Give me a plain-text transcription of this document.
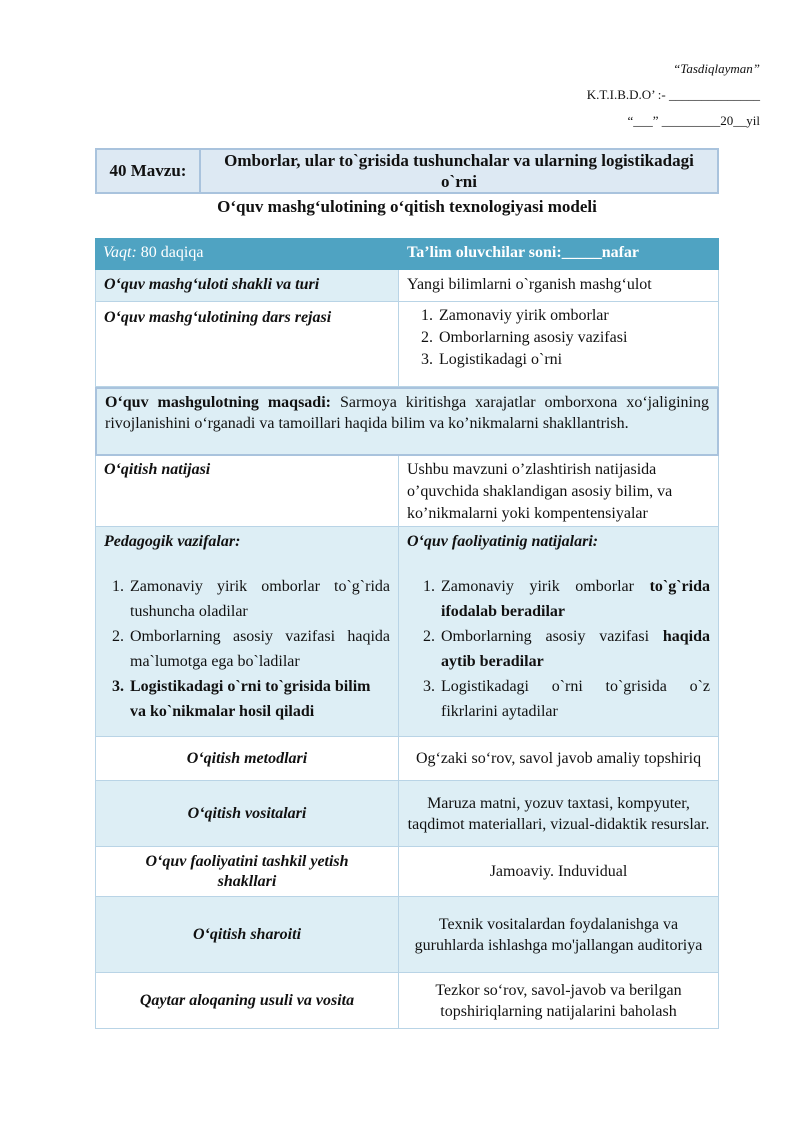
“Tasdiqlayman”
K.T.I.B.D.O’ :- ______________
“___” _________20__yil
40 Mavzu:
Omborlar, ular to`grisida tushunchalar va ularning logistikadagi o`rni
O‘quv mashg‘ulotining o‘qitish texnologiyasi modeli
Vaqt: 80 daqiqa	Ta’lim oluvchilar soni:_____nafar
O‘quv mashg‘uloti shakli va turi	Yangi bilimlarni o`rganish mashg‘ulot
O‘quv mashg‘ulotining dars rejasi
1.	Zamonaviy yirik omborlar
2. Omborlarning asosiy vazifasi
3. Logistikadagi o`rni
O‘quv mashgulotning maqsadi: Sarmoya kiritishga xarajatlar omborxona xo‘jaligining rivojlanishini o‘rganadi va tamoillari haqida bilim va ko’nikmalarni shakllantrish.
O‘qitish natijasi	Ushbu mavzuni o’zlashtirish natijasida o’quvchida shaklandigan asosiy bilim, va ko’nikmalarni yoki kompentensiyalar
Pedagogik vazifalar:
1. Zamonaviy yirik omborlar to`g`rida tushuncha oladilar
2. Omborlarning asosiy vazifasi haqida ma`lumotga ega bo`ladilar
3. Logistikadagi o`rni to`grisida bilim va ko`nikmalar hosil qiladi
O‘quv faoliyatinig natijalari:
1. Zamonaviy yirik omborlar to`g`rida ifodalab beradilar
2. Omborlarning asosiy vazifasi haqida aytib beradilar
3. Logistikadagi o`rni to`grisida o`z fikrlarini aytadilar
O‘qitish metodlari	Og‘zaki so‘rov, savol javob amaliy topshiriq
O‘qitish vositalari
Maruza matni, yozuv taxtasi, kompyuter, taqdimot materiallari, vizual-didaktik resurslar.
O‘quv faoliyatini tashkil yetish shakllari
Jamoaviy. Induvidual
O‘qitish sharoiti
Texnik vositalardan foydalanishga va guruhlarda ishlashga mo'jallangan auditoriya
Qaytar aloqaning usuli va vosita
Tezkor so‘rov, savol-javob va berilgan topshiriqlarning natijalarini baholash
